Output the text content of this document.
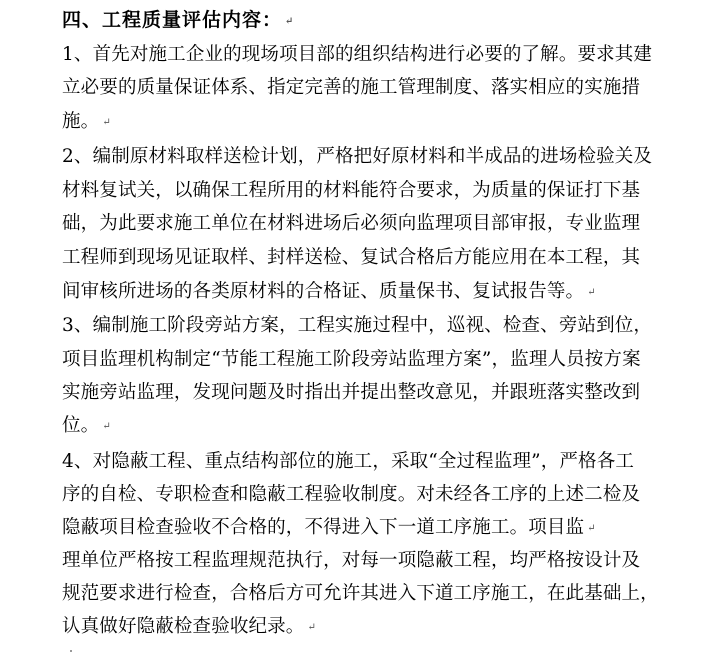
四、工程质量评估内容： ↵
1、首先对施工企业的现场项目部的组织结构进行必要的了解。要求其建
立必要的质量保证体系、指定完善的施工管理制度、落实相应的实施措
施。 ↵
2、编制原材料取样送检计划，严格把好原材料和半成品的进场检验关及
材料复试关，以确保工程所用的材料能符合要求，为质量的保证打下基
础，为此要求施工单位在材料进场后必须向监理项目部审报，专业监理
工程师到现场见证取样、封样送检、复试合格后方能应用在本工程，其
间审核所进场的各类原材料的合格证、质量保书、复试报告等。 ↵
3、编制施工阶段旁站方案，工程实施过程中，巡视、检查、旁站到位，
项目监理机构制定“节能工程施工阶段旁站监理方案”，监理人员按方案
实施旁站监理，发现问题及时指出并提出整改意见，并跟班落实整改到
位。 ↵
4、对隐蔽工程、重点结构部位的施工，采取“全过程监理”，严格各工
序的自检、专职检查和隐蔽工程验收制度。对未经各工序的上述二检及
隐蔽项目检查验收不合格的，不得进入下一道工序施工。项目监 ↵
理单位严格按工程监理规范执行，对每一项隐蔽工程，均严格按设计及
规范要求进行检查，合格后方可允许其进入下道工序施工，在此基础上，
认真做好隐蔽检查验收纪录。 ↵
